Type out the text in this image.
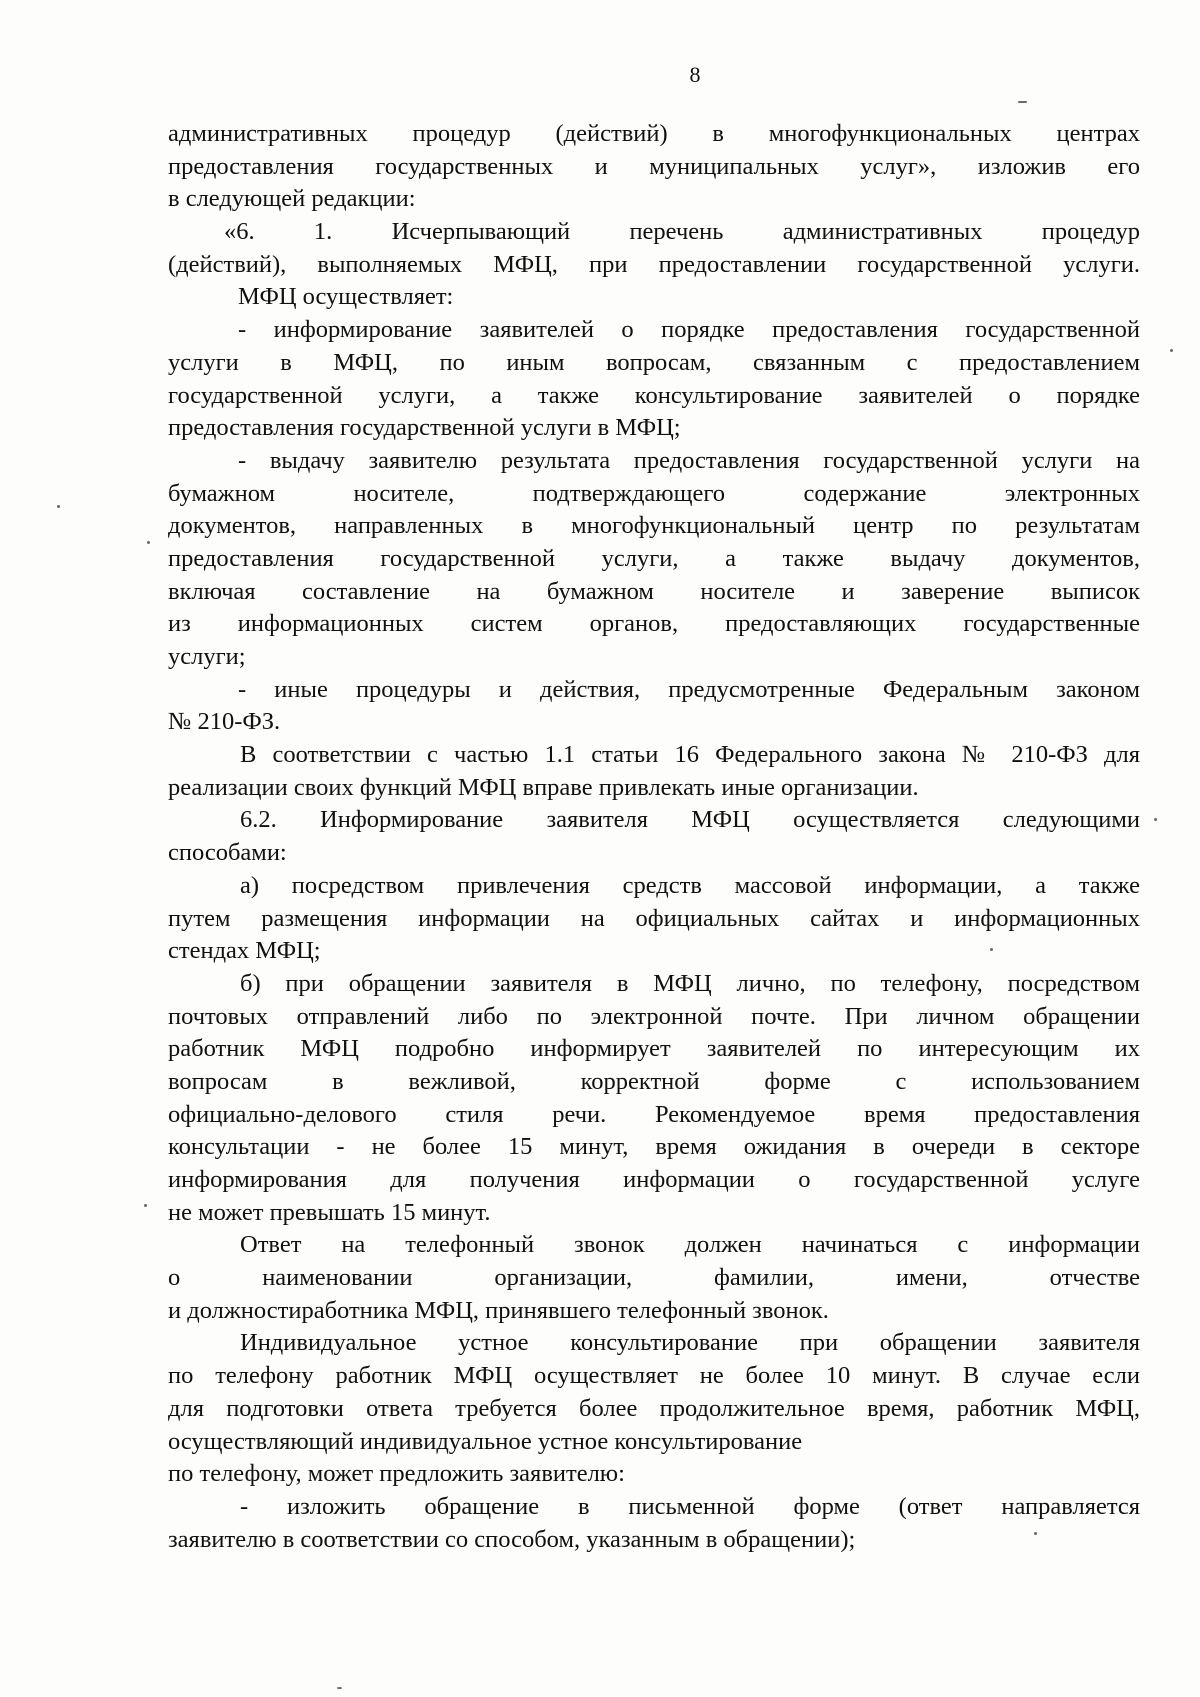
8
административных процедур (действий) в многофункциональных центрах
предоставления государственных и муниципальных услуг», изложив его
в следующей редакции:
«6. 1. Исчерпывающий перечень административных процедур
(действий), выполняемых МФЦ, при предоставлении государственной услуги.
МФЦ осуществляет:
- информирование заявителей о порядке предоставления государственной
услуги в МФЦ, по иным вопросам, связанным с предоставлением
государственной услуги, а также консультирование заявителей о порядке
предоставления государственной услуги в МФЦ;
- выдачу заявителю результата предоставления государственной услуги на
бумажном носителе, подтверждающего содержание электронных
документов, направленных в многофункциональный центр по результатам
предоставления государственной услуги, а также выдачу документов,
включая составление на бумажном носителе и заверение выписок
из информационных систем органов, предоставляющих государственные
услуги;
- иные процедуры и действия, предусмотренные Федеральным законом
№ 210-ФЗ.
В соответствии с частью 1.1 статьи 16 Федерального закона № 210-ФЗ для
реализации своих функций МФЦ вправе привлекать иные организации.
6.2. Информирование заявителя МФЦ осуществляется следующими
способами:
а) посредством привлечения средств массовой информации, а также
путем размещения информации на официальных сайтах и информационных
стендах МФЦ;
б) при обращении заявителя в МФЦ лично, по телефону, посредством
почтовых отправлений либо по электронной почте. При личном обращении
работник МФЦ подробно информирует заявителей по интересующим их
вопросам в вежливой, корректной форме с использованием
официально-делового стиля речи. Рекомендуемое время предоставления
консультации - не более 15 минут, время ожидания в очереди в секторе
информирования для получения информации о государственной услуге
не может превышать 15 минут.
Ответ на телефонный звонок должен начинаться с информации
о наименовании организации, фамилии, имени, отчестве
и должностиработника МФЦ, принявшего телефонный звонок.
Индивидуальное устное консультирование при обращении заявителя
по телефону работник МФЦ осуществляет не более 10 минут. В случае если
для подготовки ответа требуется более продолжительное время, работник МФЦ,
осуществляющий индивидуальное устное консультирование
по телефону, может предложить заявителю:
- изложить обращение в письменной форме (ответ направляется
заявителю в соответствии со способом, указанным в обращении);
